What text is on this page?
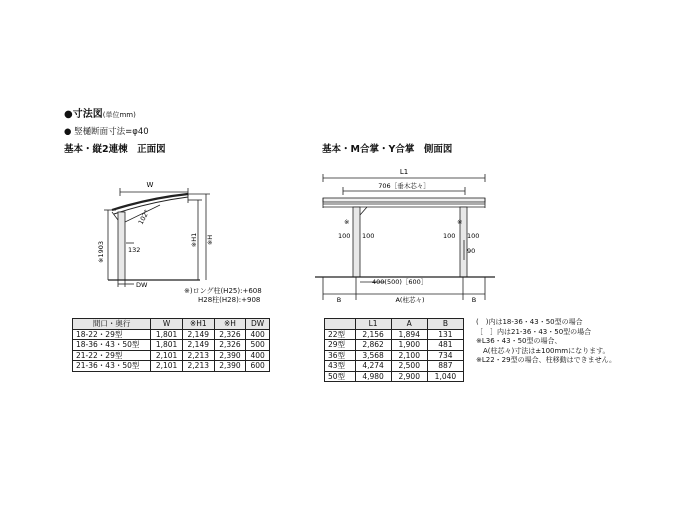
●寸法図(単位mm)
● 竪樋断面寸法=φ40
基本・縦2連棟　正面図	基本・M合掌・Y合掌　側面図
W
102°
※1903	132
※H1 ※H
DW
※)ロング柱(H25):+608
H28柱(H28):+908
L1
706［垂木芯々］
※
100 100
※
100 100
90
400(500)［600］
B	A(柱芯々)	B
間口・奥行	W	※H1	※H	DW
18-22・29型	1,801	2,149	2,326	400
18-36・43・50型	1,801	2,149	2,326	500
21-22・29型	2,101	2,213	2,390	400
21-36・43・50型	2,101	2,213	2,390	600
	L1	A	B
22型	2,156	1,894	131
29型	2,862	1,900	481
36型	3,568	2,100	734
43型	4,274	2,500	887
50型	4,980	2,900	1,040
(　)内は18-36・43・50型の場合
［　］内は21-36・43・50型の場合
※L36・43・50型の場合、
　A(柱芯々)寸法は±100mmになります。
※L22・29型の場合、柱移動はできません。
